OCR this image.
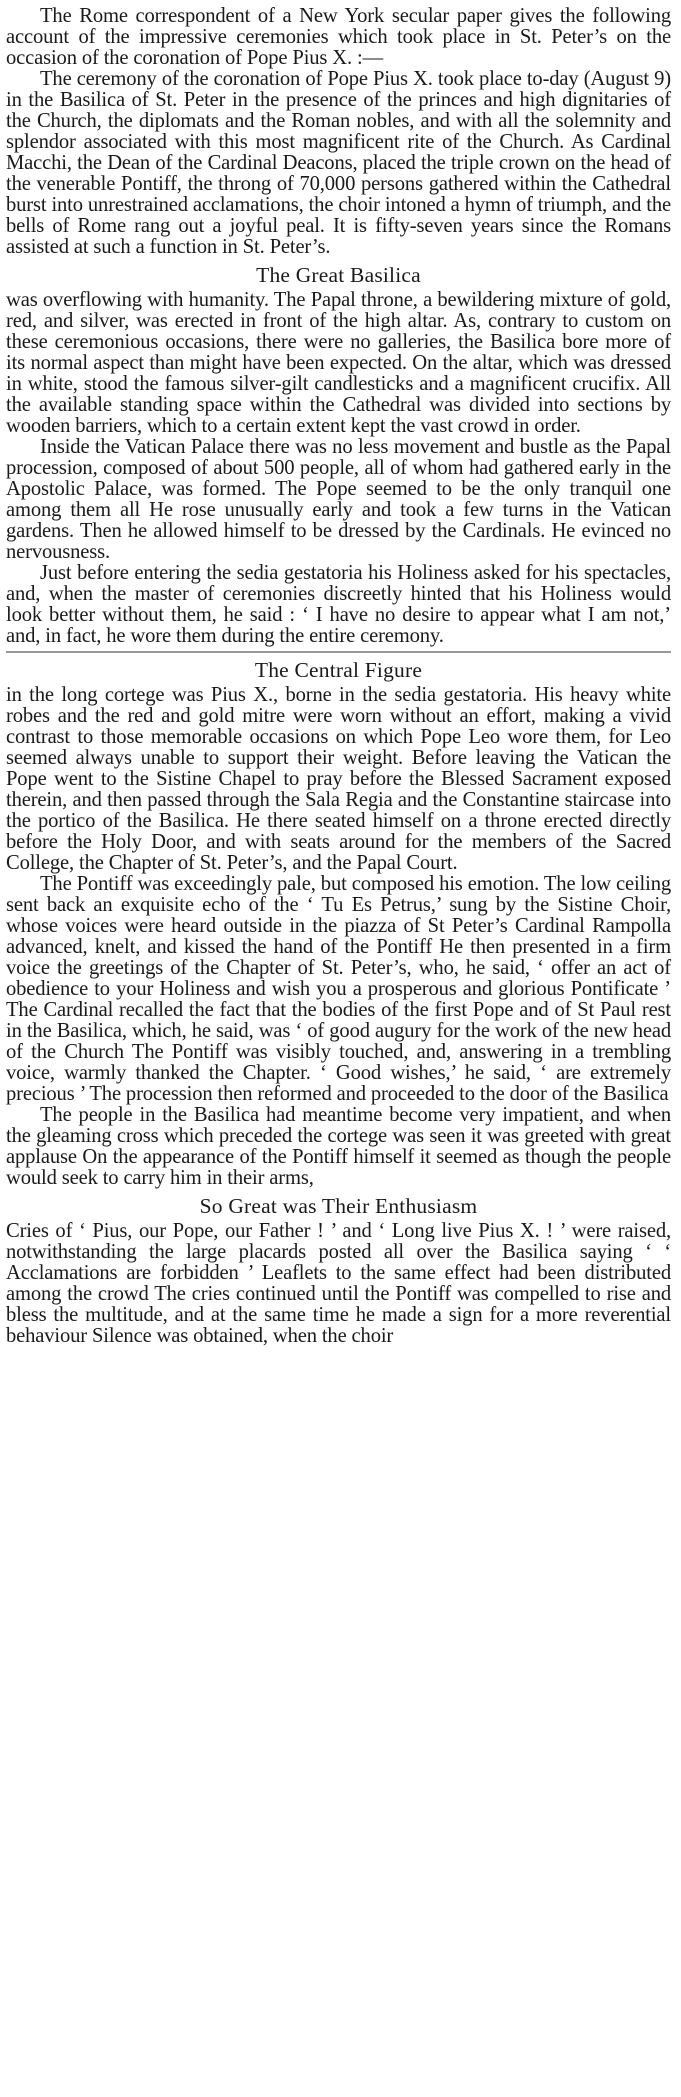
The Rome correspondent of a New York secular paper gives the following account of the impressive ceremonies which took place in St. Peter’s on the occasion of the coronation of Pope Pius X. :—

The ceremony of the coronation of Pope Pius X. took place to-day (August 9) in the Basilica of St. Peter in the presence of the princes and high dignitaries of the Church, the diplomats and the Roman nobles, and with all the solemnity and splendor associated with this most magnificent rite of the Church. As Cardinal Macchi, the Dean of the Cardinal Deacons, placed the triple crown on the head of the venerable Pontiff, the throng of 70,000 persons gathered within the Cathedral burst into unrestrained acclamations, the choir intoned a hymn of triumph, and the bells of Rome rang out a joyful peal. It is fifty-seven years since the Romans assisted at such a function in St. Peter’s.

The Great Basilica

was overflowing with humanity. The Papal throne, a bewildering mixture of gold, red, and silver, was erected in front of the high altar. As, contrary to custom on these ceremonious occasions, there were no galleries, the Basilica bore more of its normal aspect than might have been expected. On the altar, which was dressed in white, stood the famous silver-gilt candlesticks and a magnificent crucifix. All the available standing space within the Cathedral was divided into sections by wooden barriers, which to a certain extent kept the vast crowd in order.

Inside the Vatican Palace there was no less movement and bustle as the Papal procession, composed of about 500 people, all of whom had gathered early in the Apostolic Palace, was formed. The Pope seemed to be the only tranquil one among them all He rose unusually early and took a few turns in the Vatican gardens. Then he allowed himself to be dressed by the Cardinals. He evinced no nervousness.

Just before entering the sedia gestatoria his Holiness asked for his spectacles, and, when the master of ceremonies discreetly hinted that his Holiness would look better without them, he said : ‘ I have no desire to appear what I am not,’ and, in fact, he wore them during the entire ceremony.

The Central Figure

in the long cortege was Pius X., borne in the sedia gestatoria. His heavy white robes and the red and gold mitre were worn without an effort, making a vivid contrast to those memorable occasions on which Pope Leo wore them, for Leo seemed always unable to support their weight. Before leaving the Vatican the Pope went to the Sistine Chapel to pray before the Blessed Sacrament exposed therein, and then passed through the Sala Regia and the Constantine staircase into the portico of the Basilica. He there seated himself on a throne erected directly before the Holy Door, and with seats around for the members of the Sacred College, the Chapter of St. Peter’s, and the Papal Court.

The Pontiff was exceedingly pale, but composed his emotion. The low ceiling sent back an exquisite echo of the ‘ Tu Es Petrus,’ sung by the Sistine Choir, whose voices were heard outside in the piazza of St Peter’s Cardinal Rampolla advanced, knelt, and kissed the hand of the Pontiff He then presented in a firm voice the greetings of the Chapter of St. Peter’s, who, he said, ‘ offer an act of obedience to your Holiness and wish you a prosperous and glorious Pontificate ’ The Cardinal recalled the fact that the bodies of the first Pope and of St Paul rest in the Basilica, which, he said, was ‘ of good augury for the work of the new head of the Church The Pontiff was visibly touched, and, answering in a trembling voice, warmly thanked the Chapter. ‘ Good wishes,’ he said, ‘ are extremely precious ’ The procession then reformed and proceeded to the door of the Basilica

The people in the Basilica had meantime become very impatient, and when the gleaming cross which preceded the cortege was seen it was greeted with great applause On the appearance of the Pontiff himself it seemed as though the people would seek to carry him in their arms,

So Great was Their Enthusiasm

Cries of ‘ Pius, our Pope, our Father ! ’ and ‘ Long live Pius X. ! ’ were raised, notwithstanding the large placards posted all over the Basilica saying ‘ ‘ Acclamations are forbidden ’ Leaflets to the same effect had been distributed among the crowd The cries continued until the Pontiff was compelled to rise and bless the multitude, and at the same time he made a sign for a more reverential behaviour Silence was obtained, when the choir
